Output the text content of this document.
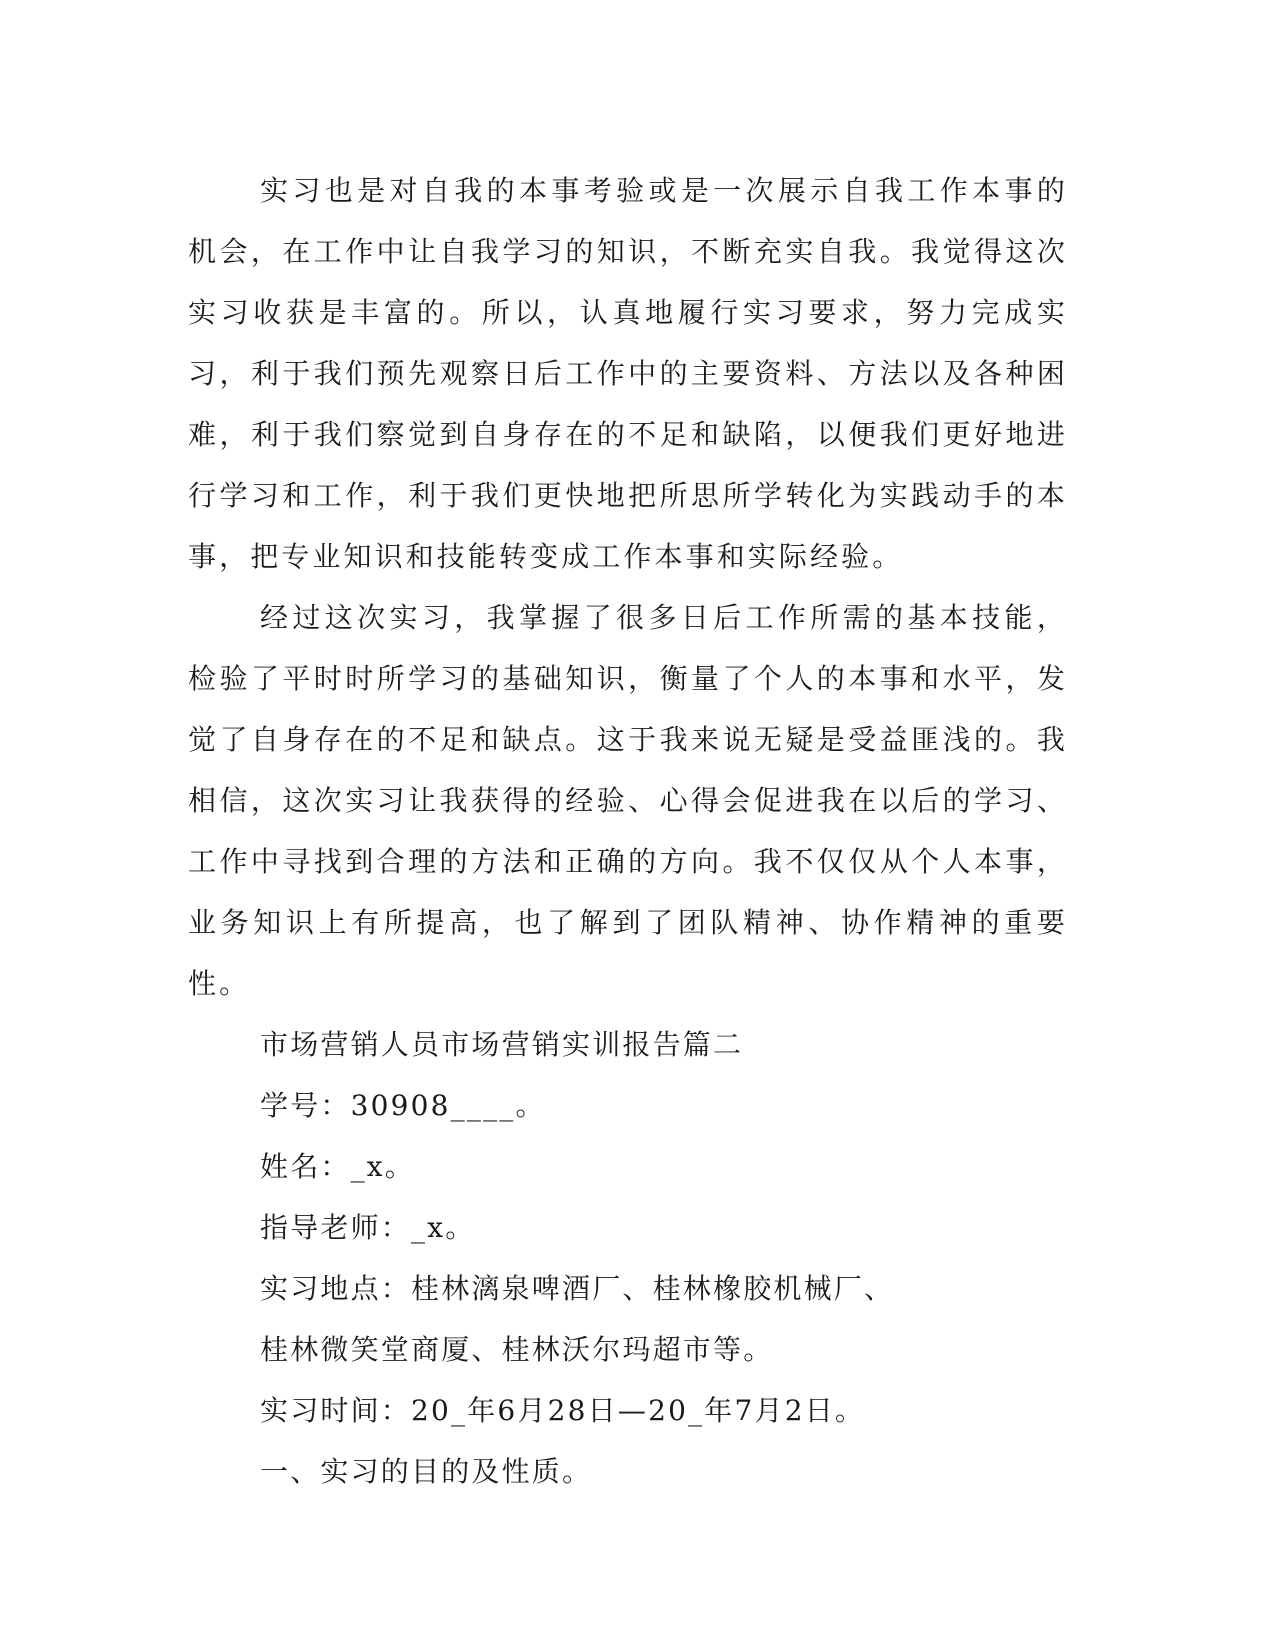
实习也是对自我的本事考验或是一次展示自我工作本事的机会，在工作中让自我学习的知识，不断充实自我。我觉得这次实习收获是丰富的。所以，认真地履行实习要求，努力完成实习，利于我们预先观察日后工作中的主要资料、方法以及各种困难，利于我们察觉到自身存在的不足和缺陷，以便我们更好地进行学习和工作，利于我们更快地把所思所学转化为实践动手的本事，把专业知识和技能转变成工作本事和实际经验。

经过这次实习，我掌握了很多日后工作所需的基本技能，检验了平时时所学习的基础知识，衡量了个人的本事和水平，发觉了自身存在的不足和缺点。这于我来说无疑是受益匪浅的。我相信，这次实习让我获得的经验、心得会促进我在以后的学习、工作中寻找到合理的方法和正确的方向。我不仅仅从个人本事，业务知识上有所提高，也了解到了团队精神、协作精神的重要性。

市场营销人员市场营销实训报告篇二

学号：30908____。

姓名：_x。

指导老师：_x。

实习地点：桂林漓泉啤酒厂、桂林橡胶机械厂、

桂林微笑堂商厦、桂林沃尔玛超市等。

实习时间：20_年6月28日—20_年7月2日。

一、实习的目的及性质。
